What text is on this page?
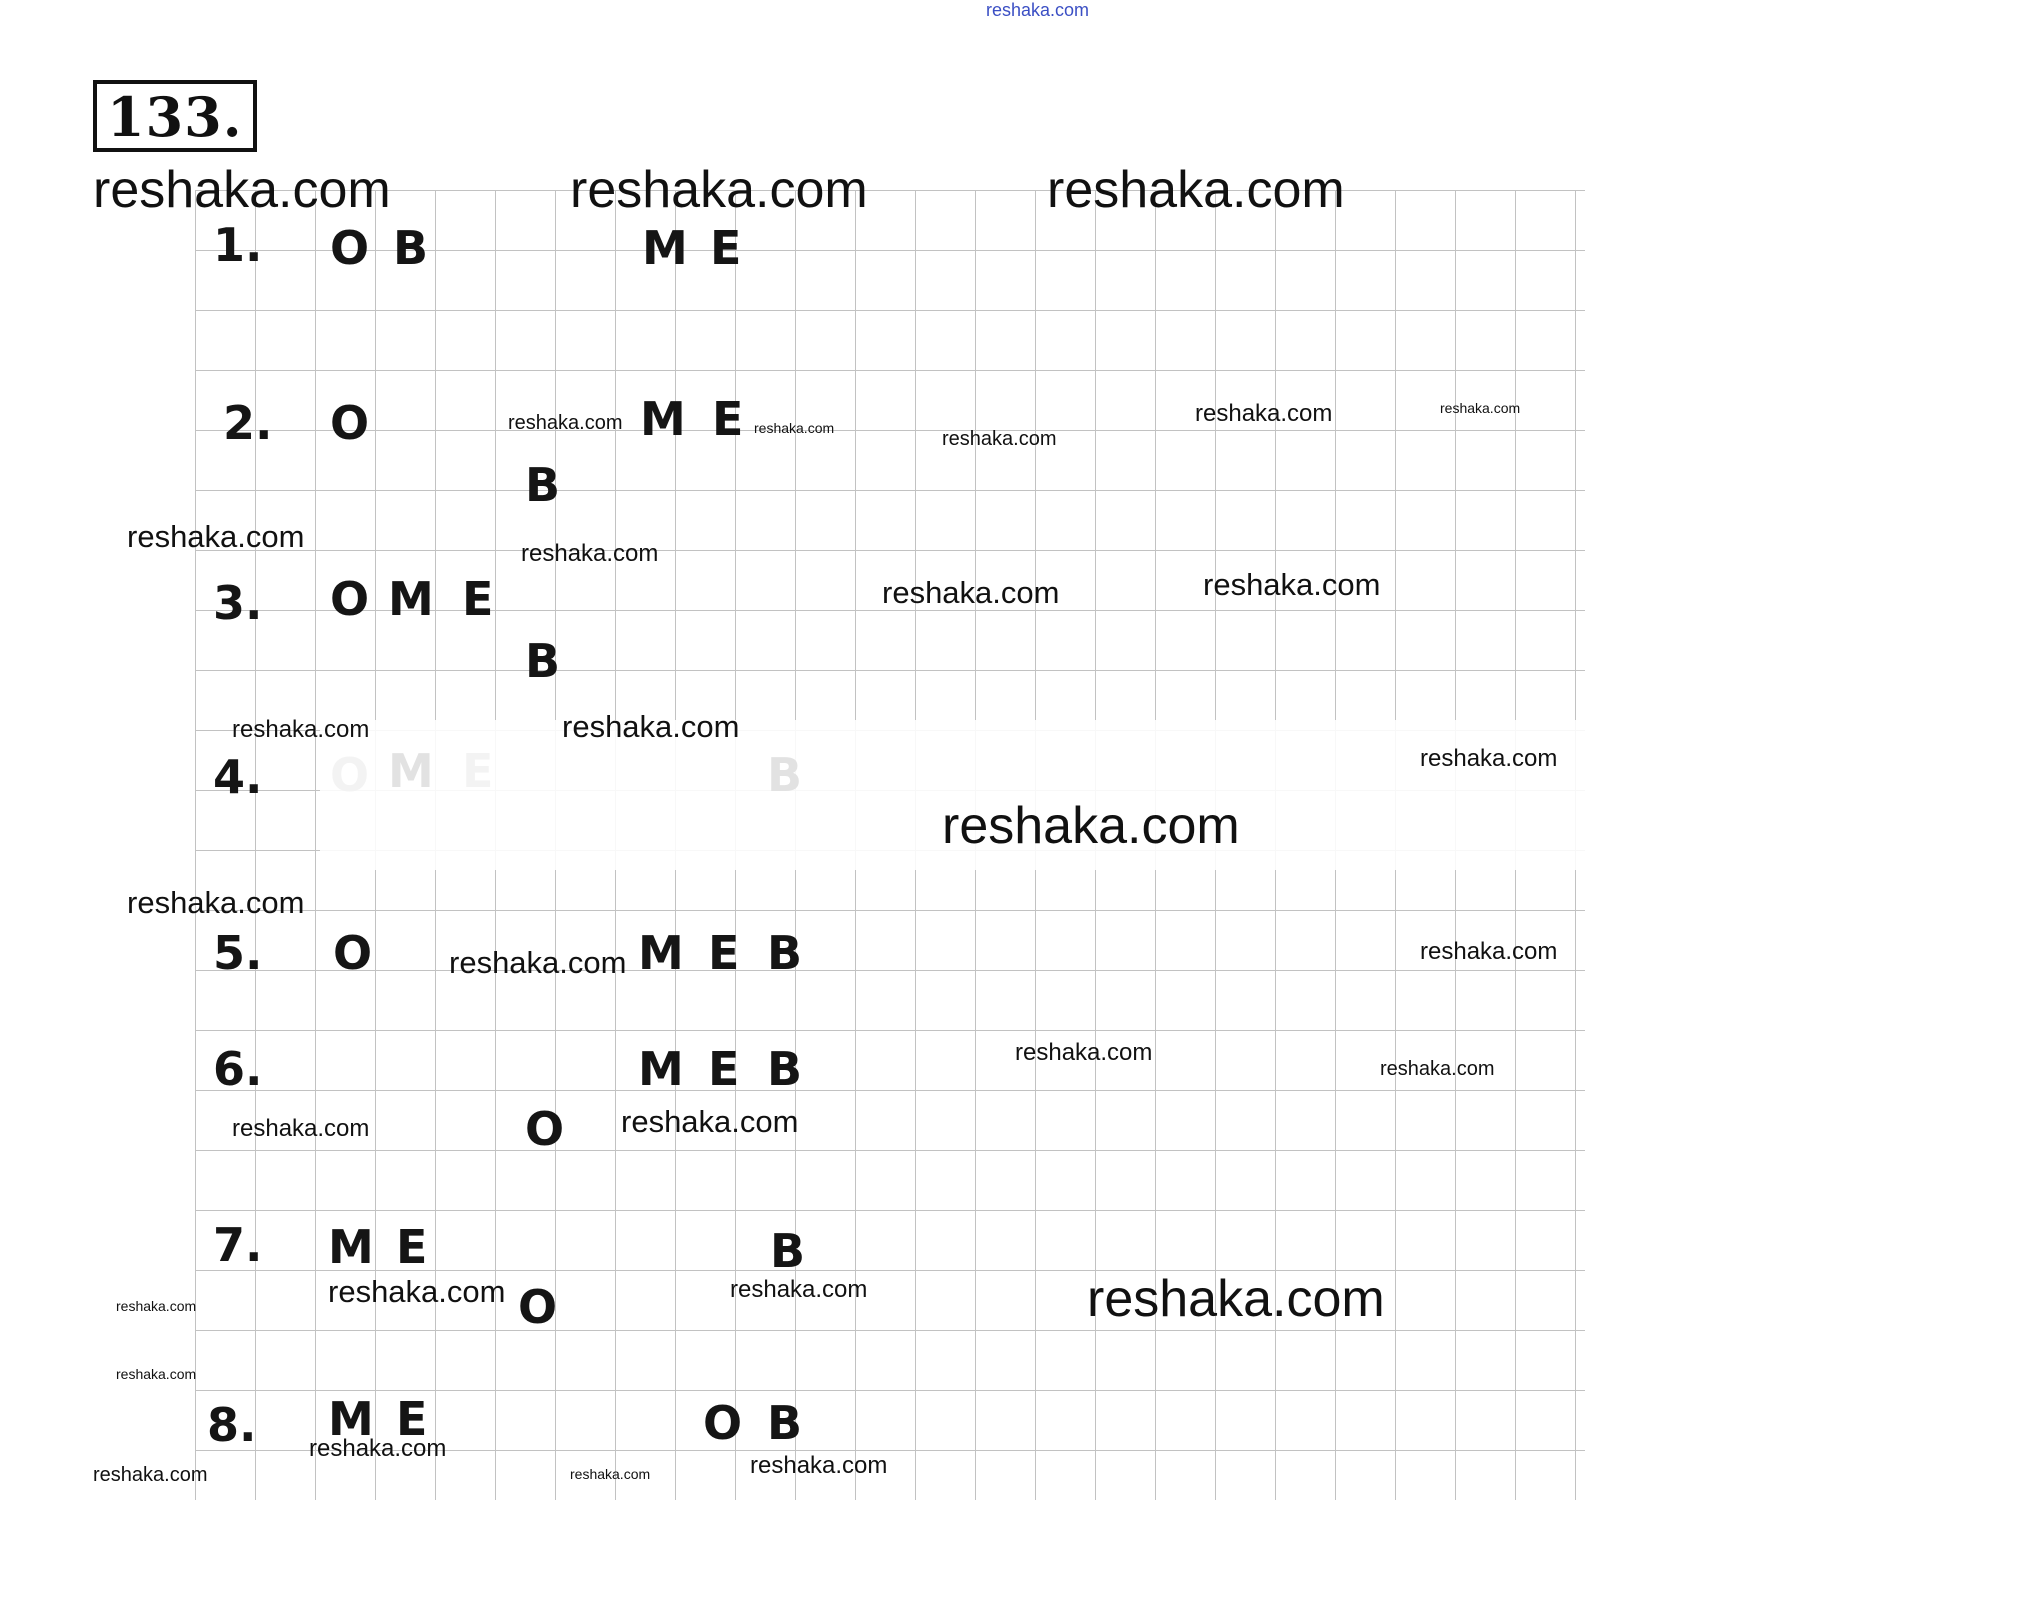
reshaka.com
133.
1. О В	М Е
2. О	М Е
В
3. О М Е
В
4.
5. О	М Е В
6.	М Е В
О
7. М Е	В
О
8. М Е	О В
reshaka.com	reshaka.com	reshaka.com
reshaka.com	reshaka.com	reshaka.com
reshaka.com	reshaka.com
reshaka.com	reshaka.com
reshaka.com	reshaka.com
reshaka.com	reshaka.com
reshaka.com
reshaka.com
reshaka.com
reshaka.com	reshaka.com
reshaka.com
reshaka.com
reshaka.com	reshaka.com
reshaka.com	reshaka.com	reshaka.com	reshaka.com
reshaka.com
reshaka.com
reshaka.com	reshaka.com	reshaka.com
